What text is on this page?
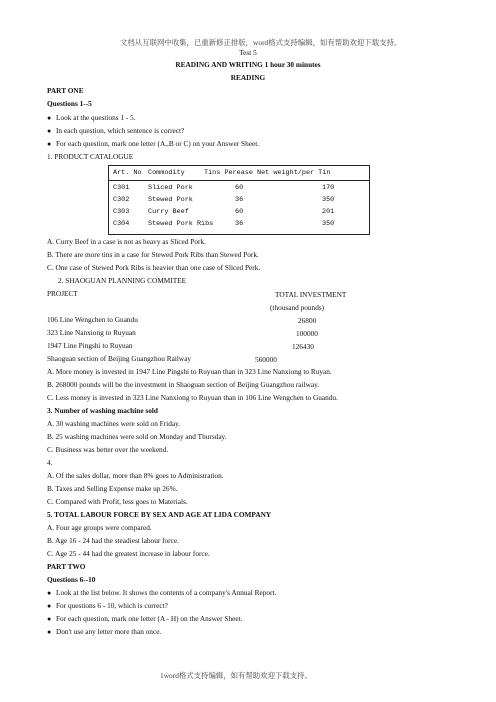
文档从互联网中收集，已重新修正排版，word格式支持编辑，如有帮助欢迎下载支持。
Test 5
READING AND WRITING 1 hour 30 minutes
READING
PART ONE
Questions 1--5
● Look at the questions 1 - 5.
● In each question, which sentence is correct?
● For each question, mark one letter (A.,B or C) on your Answer Sheet.
1. PRODUCT CATALOGUE
Art. No Commodity	Tins Perease Net weight/per Tin
C301	Sliced Pork	60	170
C302	Stewed Pork	36	350
C303	Curry Beef	60	201
C304	Stewed Pork Ribs	36	350
A. Curry Beef in a case is not as heavy as Sliced Pork.
B. There are more tins in a case for Stewed Pork Ribs than Stewed Pork.
C. One case of Stewed Pork Ribs is heavier than one case of Sliced Perk.
2. SHAOGUAN PLANNING COMMITEE
PROJECT	TOTAL INVESTMENT
(thousand pounds)
106 Line Wengchen to Guandu	26800
323 Line Nanxiong to Ruyuan	100000
1947 Line Pingshi to Ruyuan	126430
Shaoguan section of Beijing Guangzhou Railway	560000
A. More money is invested in 1947 Line Pingshi to Ruyuan than in 323 Line Nanxiong to Ruyan.
B. 268000 pounds will be the investment in Shaoguan section of Beijing Guangzhou railway.
C. Less money is invested in 323 Line Nanxiong to Ruyuan than in 106 Line Wengchen to Guandu.
3. Number of washing machine sold
A. 30 washing machines were sold on Friday.
B. 25 washing machines were sold on Monday and Thursday.
C. Business was better over the weekend.
4.
A. Of the sales dollar, more than 8% goes to Administration.
B. Taxes and Selling Expense make up 26%.
C. Compared with Profit, less goes to Materials.
5. TOTAL LABOUR FORCE BY SEX AND AGE AT LIDA COMPANY
A. Four age groups were compared.
B. Age 16 - 24 had the steadiest labour force.
C. Age 25 - 44 had the greatest increase in labour force.
PART TWO
Questions 6--10
● Look at the list below. It shows the contents of a company's Annual Report.
● For questions 6 - 10, which is correct?
● For each question, mark one letter (A - H) on the Answer Sheet.
● Don't use any letter more than once.
1word格式支持编辑，如有帮助欢迎下载支持。
